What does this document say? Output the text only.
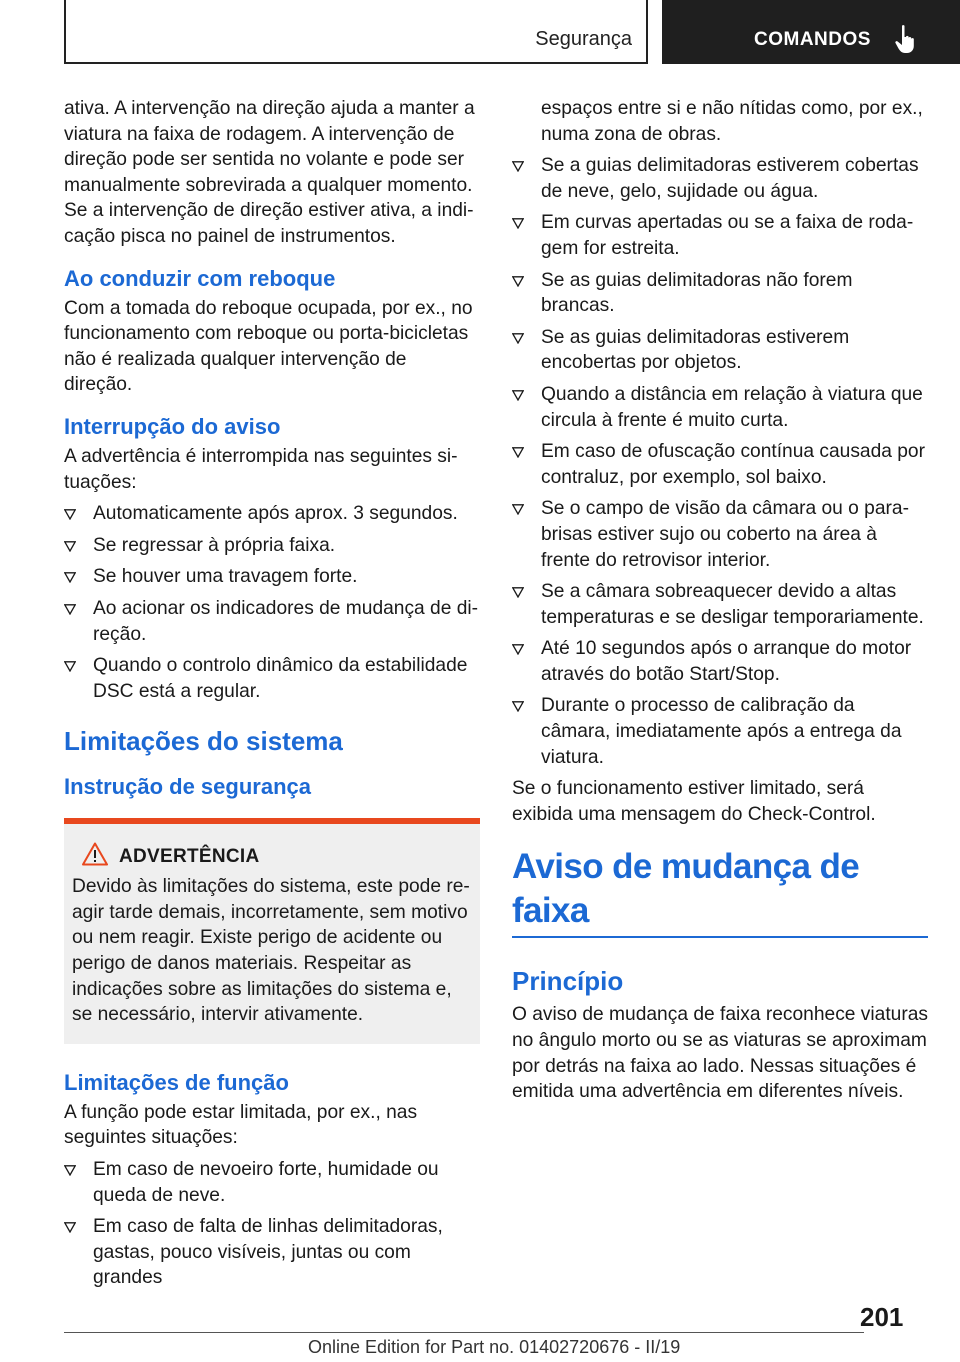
Segurança	COMANDOS

ativa. A intervenção na direção ajuda a manter a viatura na faixa de rodagem. A intervenção de direção pode ser sentida no volante e pode ser manualmente sobrevirada a qualquer momento. Se a intervenção de direção estiver ativa, a indicação pisca no painel de instrumentos.

Ao conduzir com reboque

Com a tomada do reboque ocupada, por ex., no funcionamento com reboque ou porta-bicicletas não é realizada qualquer intervenção de direção.

Interrupção do aviso

A advertência é interrompida nas seguintes situações:

Automaticamente após aprox. 3 segundos.
Se regressar à própria faixa.
Se houver uma travagem forte.
Ao acionar os indicadores de mudança de direção.
Quando o controlo dinâmico da estabilidade DSC está a regular.
Limitações do sistema
Instrução de segurança
ADVERTÊNCIA

Devido às limitações do sistema, este pode reagir tarde demais, incorretamente, sem motivo ou nem reagir. Existe perigo de acidente ou perigo de danos materiais. Respeitar as indicações sobre as limitações do sistema e, se necessário, intervir ativamente.

Limitações de função

A função pode estar limitada, por ex., nas seguintes situações:

Em caso de nevoeiro forte, humidade ou queda de neve.
Em caso de falta de linhas delimitadoras, gastas, pouco visíveis, juntas ou com grandes

espaços entre si e não nítidas como, por ex., numa zona de obras.

Se a guias delimitadoras estiverem cobertas de neve, gelo, sujidade ou água.
Em curvas apertadas ou se a faixa de rodagem for estreita.
Se as guias delimitadoras não forem brancas.
Se as guias delimitadoras estiverem encobertas por objetos.
Quando a distância em relação à viatura que circula à frente é muito curta.
Em caso de ofuscação contínua causada por contraluz, por exemplo, sol baixo.
Se o campo de visão da câmara ou o para-brisas estiver sujo ou coberto na área à frente do retrovisor interior.
Se a câmara sobreaquecer devido a altas temperaturas e se desligar temporariamente.
Até 10 segundos após o arranque do motor através do botão Start/Stop.
Durante o processo de calibração da câmara, imediatamente após a entrega da viatura.

Se o funcionamento estiver limitado, será exibida uma mensagem do Check-Control.

Aviso de mudança de faixa
Princípio

O aviso de mudança de faixa reconhece viaturas no ângulo morto ou se as viaturas se aproximam por detrás na faixa ao lado. Nessas situações é emitida uma advertência em diferentes níveis.

201
Online Edition for Part no. 01402720676 - II/19
